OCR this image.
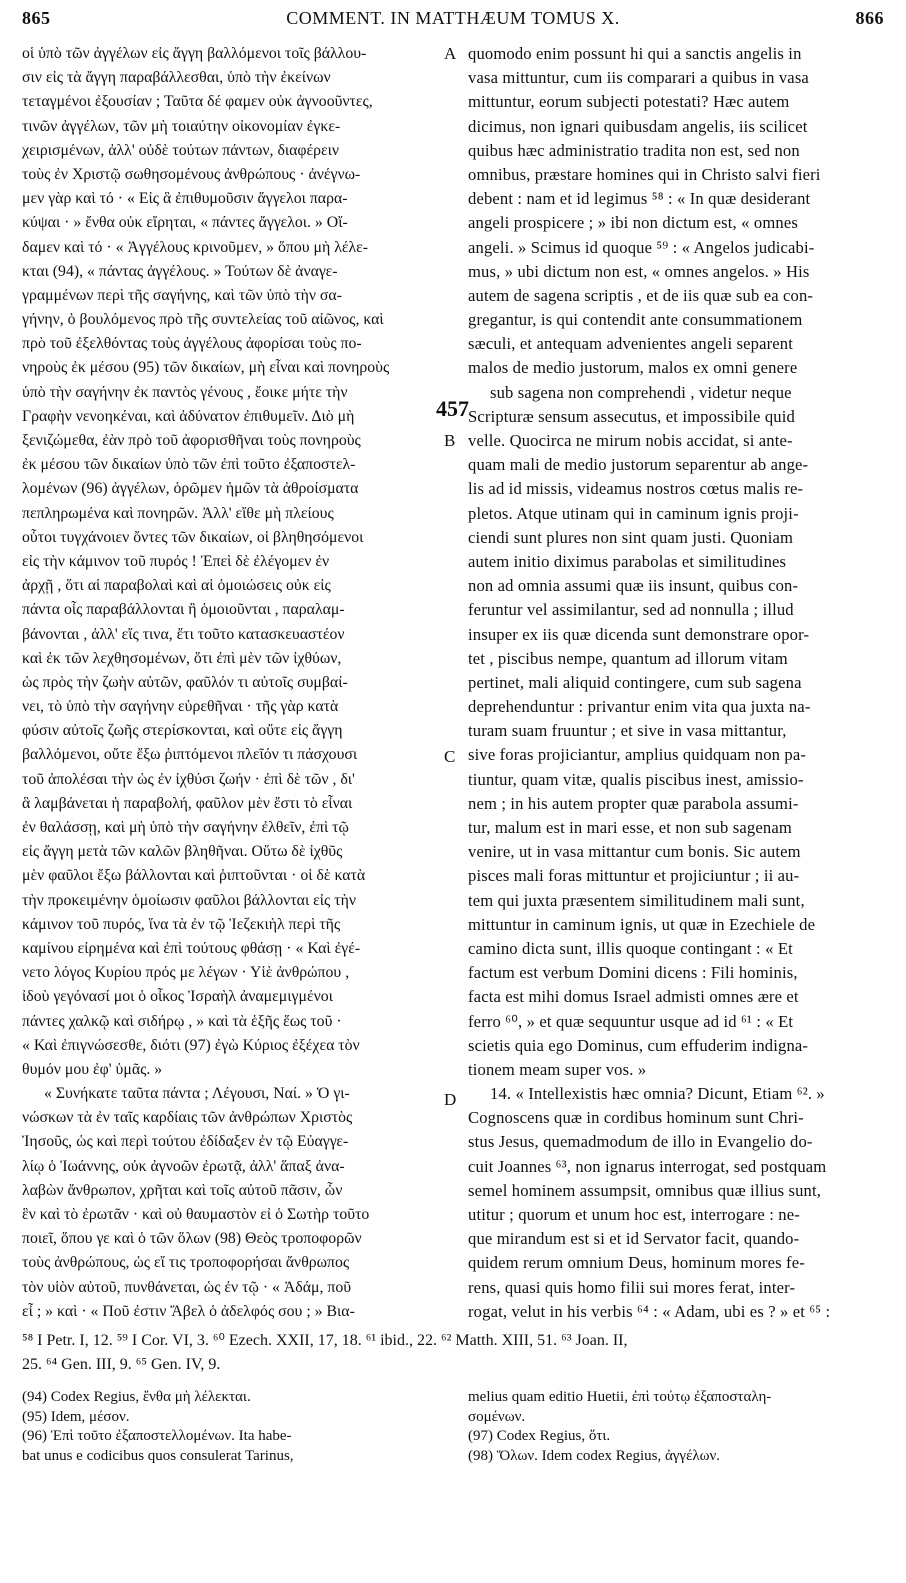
865	COMMENT. IN MATTHÆUM TOMUS X.	866
οἱ ὑπὸ τῶν ἀγγέλων εἰς ἄγγη βαλλόμενοι τοῖς βάλλου-
σιν εἰς τὰ ἄγγη παραβάλλεσθαι, ὑπὸ τὴν ἐκείνων
τεταγμένοι ἐξουσίαν ; Ταῦτα δέ φαμεν οὐκ ἀγνοοῦντες,
τινῶν ἀγγέλων, τῶν μὴ τοιαύτην οἰκονομίαν ἐγκε-
χειρισμένων, ἀλλ' οὐδὲ τούτων πάντων, διαφέρειν
τοὺς ἐν Χριστῷ σωθησομένους ἀνθρώπους · ἀνέγνω-
μεν γὰρ καὶ τό · « Εἰς ἃ ἐπιθυμοῦσιν ἄγγελοι παρα-
κύψαι · » ἔνθα οὐκ εἴρηται, « πάντες ἄγγελοι. » Οἴ-
δαμεν καὶ τό · « Ἀγγέλους κρινοῦμεν, » ὅπου μὴ λέλε-
κται (94), « πάντας ἀγγέλους. » Τούτων δὲ ἀναγε-
γραμμένων περὶ τῆς σαγήνης, καὶ τῶν ὑπὸ τὴν σα-
γήνην, ὁ βουλόμενος πρὸ τῆς συντελείας τοῦ αἰῶνος, καὶ
πρὸ τοῦ ἐξελθόντας τοὺς ἀγγέλους ἀφορίσαι τοὺς πο-
νηροὺς ἐκ μέσου (95) τῶν δικαίων, μὴ εἶναι καὶ πονηροὺς
ὑπὸ τὴν σαγήνην ἐκ παντὸς γένους , ἔοικε μήτε τὴν
Γραφὴν νενοηκέναι, καὶ ἀδύνατον ἐπιθυμεῖν. Διὸ μὴ
ξενιζώμεθα, ἐὰν πρὸ τοῦ ἀφορισθῆναι τοὺς πονηροὺς
ἐκ μέσου τῶν δικαίων ὑπὸ τῶν ἐπὶ τοῦτο ἐξαποστελ-
λομένων (96) ἀγγέλων, ὁρῶμεν ἡμῶν τὰ ἀθροίσματα
πεπληρωμένα καὶ πονηρῶν. Ἀλλ' εἴθε μὴ πλείους
οὗτοι τυγχάνοιεν ὄντες τῶν δικαίων, οἱ βληθησόμενοι
εἰς τὴν κάμινον τοῦ πυρός ! Ἐπεὶ δὲ ἐλέγομεν ἐν
ἀρχῇ , ὅτι αἱ παραβολαὶ καὶ αἱ ὁμοιώσεις οὐκ εἰς
πάντα οἷς παραβάλλονται ἢ ὁμοιοῦνται , παραλαμ-
βάνονται , ἀλλ' εἴς τινα, ἔτι τοῦτο κατασκευαστέον
καὶ ἐκ τῶν λεχθησομένων, ὅτι ἐπὶ μὲν τῶν ἰχθύων,
ὡς πρὸς τὴν ζωὴν αὐτῶν, φαῦλόν τι αὐτοῖς συμβαί-
νει, τὸ ὑπὸ τὴν σαγήνην εὑρεθῆναι · τῆς γὰρ κατὰ
φύσιν αὐτοῖς ζωῆς στερίσκονται, καὶ οὔτε εἰς ἄγγη
βαλλόμενοι, οὔτε ἔξω ῥιπτόμενοι πλεῖόν τι πάσχουσι
τοῦ ἀπολέσαι τὴν ὡς ἐν ἰχθύσι ζωήν · ἐπὶ δὲ τῶν , δι'
ἃ λαμβάνεται ἡ παραβολή, φαῦλον μὲν ἔστι τὸ εἶναι
ἐν θαλάσσῃ, καὶ μὴ ὑπὸ τὴν σαγήνην ἐλθεῖν, ἐπὶ τῷ
εἰς ἄγγη μετὰ τῶν καλῶν βληθῆναι. Οὕτω δὲ ἰχθῦς
μὲν φαῦλοι ἔξω βάλλονται καὶ ῥιπτοῦνται · οἱ δὲ κατὰ
τὴν προκειμένην ὁμοίωσιν φαῦλοι βάλλονται εἰς τὴν
κάμινον τοῦ πυρός, ἵνα τὰ ἐν τῷ Ἰεζεκιὴλ περὶ τῆς
καμίνου εἰρημένα καὶ ἐπὶ τούτους φθάσῃ · « Καὶ ἐγέ-
νετο λόγος Κυρίου πρός με λέγων · Υἱὲ ἀνθρώπου ,
ἰδοὺ γεγόνασί μοι ὁ οἶκος Ἰσραὴλ ἀναμεμιγμένοι
πάντες χαλκῷ καὶ σιδήρῳ , » καὶ τὰ ἑξῆς ἕως τοῦ ·
« Καὶ ἐπιγνώσεσθε, διότι (97) ἐγὼ Κύριος ἐξέχεα τὸν
θυμόν μου ἐφ' ὑμᾶς. »
« Συνήκατε ταῦτα πάντα ; Λέγουσι, Ναί. » Ὁ γι-
νώσκων τὰ ἐν ταῖς καρδίαις τῶν ἀνθρώπων Χριστὸς
Ἰησοῦς, ὡς καὶ περὶ τούτου ἐδίδαξεν ἐν τῷ Εὐαγγε-
λίῳ ὁ Ἰωάννης, οὐκ ἀγνοῶν ἐρωτᾷ, ἀλλ' ἅπαξ ἀνα-
λαβὼν ἄνθρωπον, χρῆται καὶ τοῖς αὐτοῦ πᾶσιν, ὧν
ἓν καὶ τὸ ἐρωτᾶν · καὶ οὐ θαυμαστὸν εἰ ὁ Σωτὴρ τοῦτο
ποιεῖ, ὅπου γε καὶ ὁ τῶν ὅλων (98) Θεὸς τροποφορῶν
τοὺς ἀνθρώπους, ὡς εἴ τις τροποφορήσαι ἄνθρωπος
τὸν υἱὸν αὐτοῦ, πυνθάνεται, ὡς ἐν τῷ · « Ἀδάμ, ποῦ
εἶ ; » καὶ · « Ποῦ ἐστιν Ἄβελ ὁ ἀδελφός σου ; » Βια-
quomodo enim possunt hi qui a sanctis angelis in
vasa mittuntur, cum iis comparari a quibus in vasa
mittuntur, eorum subjecti potestati? Hæc autem
dicimus, non ignari quibusdam angelis, iis scilicet
quibus hæc administratio tradita non est, sed non
omnibus, præstare homines qui in Christo salvi fieri
debent : nam et id legimus ⁵⁸ : « In quæ desiderant
angeli prospicere ; » ibi non dictum est, « omnes
angeli. » Scimus id quoque ⁵⁹ : « Angelos judicabi-
mus, » ubi dictum non est, « omnes angelos. » His
autem de sagena scriptis , et de iis quæ sub ea con-
gregantur, is qui contendit ante consummationem
sæculi, et antequam advenientes angeli separent
malos de medio justorum, malos ex omni genere
sub sagena non comprehendi , videtur neque
Scripturæ sensum assecutus, et impossibile quid
velle. Quocirca ne mirum nobis accidat, si ante-
quam mali de medio justorum separentur ab ange-
lis ad id missis, videamus nostros cœtus malis re-
pletos. Atque utinam qui in caminum ignis proji-
ciendi sunt plures non sint quam justi. Quoniam
autem initio diximus parabolas et similitudines
non ad omnia assumi quæ iis insunt, quibus con-
feruntur vel assimilantur, sed ad nonnulla ; illud
insuper ex iis quæ dicenda sunt demonstrare opor-
tet , piscibus nempe, quantum ad illorum vitam
pertinet, mali aliquid contingere, cum sub sagena
deprehenduntur : privantur enim vita qua juxta na-
turam suam fruuntur ; et sive in vasa mittantur,
sive foras projiciantur, amplius quidquam non pa-
tiuntur, quam vitæ, qualis piscibus inest, amissio-
nem ; in his autem propter quæ parabola assumi-
tur, malum est in mari esse, et non sub sagenam
venire, ut in vasa mittantur cum bonis. Sic autem
pisces mali foras mittuntur et projiciuntur ; ii au-
tem qui juxta præsentem similitudinem mali sunt,
mittuntur in caminum ignis, ut quæ in Ezechiele de
camino dicta sunt, illis quoque contingant : « Et
factum est verbum Domini dicens : Fili hominis,
facta est mihi domus Israel admisti omnes ære et
ferro ⁶⁰, » et quæ sequuntur usque ad id ⁶¹ : « Et
scietis quia ego Dominus, cum effuderim indigna-
tionem meam super vos. »
14. « Intellexistis hæc omnia? Dicunt, Etiam ⁶². »
Cognoscens quæ in cordibus hominum sunt Chri-
stus Jesus, quemadmodum de illo in Evangelio do-
cuit Joannes ⁶³, non ignarus interrogat, sed postquam
semel hominem assumpsit, omnibus quæ illius sunt,
utitur ; quorum et unum hoc est, interrogare : ne-
que mirandum est si et id Servator facit, quando-
quidem rerum omnium Deus, hominum mores fe-
rens, quasi quis homo filii sui mores ferat, inter-
rogat, velut in his verbis ⁶⁴ : « Adam, ubi es ? » et ⁶⁵ :
A
B
C
D
457
⁵⁸ I Petr. I, 12. ⁵⁹ I Cor. VI, 3. ⁶⁰ Ezech. XXII, 17, 18. ⁶¹ ibid., 22. ⁶² Matth. XIII, 51. ⁶³ Joan. II,
25. ⁶⁴ Gen. III, 9. ⁶⁵ Gen. IV, 9.
(94) Codex Regius, ἔνθα μὴ λέλεκται.
(95) Idem, μέσον.
(96) Ἐπὶ τοῦτο ἐξαποστελλομένων. Ita habe-
bat unus e codicibus quos consulerat Tarinus,
melius quam editio Huetii, ἐπὶ τούτῳ ἐξαποσταλη-
σομένων.
(97) Codex Regius, ὅτι.
(98) Ὅλων. Idem codex Regius, ἀγγέλων.
